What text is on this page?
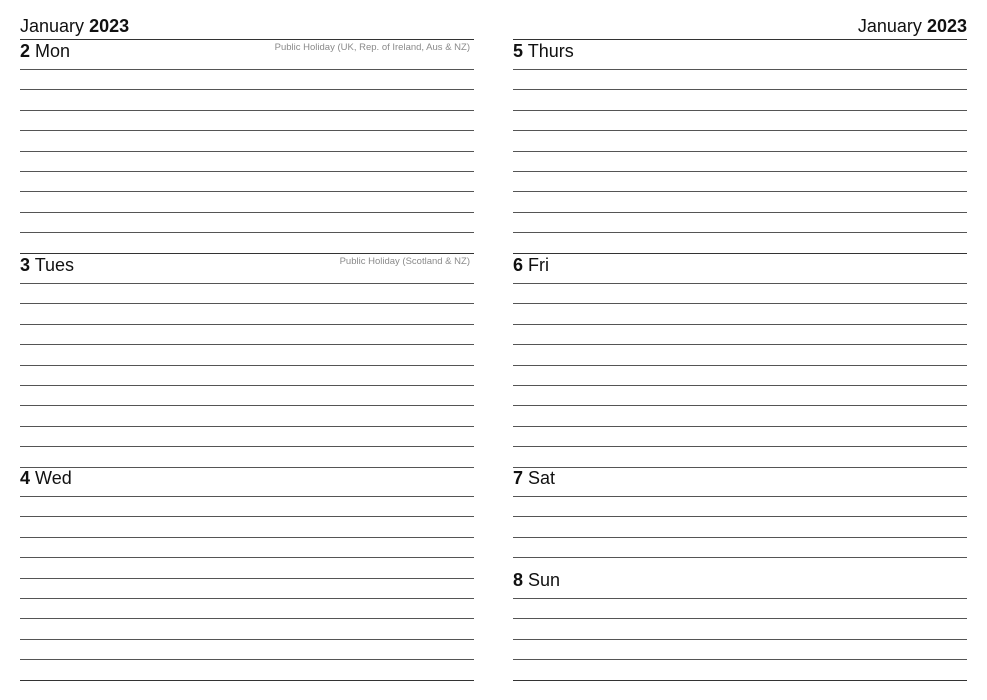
January 2023
2 Mon	Public Holiday (UK, Rep. of Ireland, Aus & NZ)
3 Tues	Public Holiday (Scotland & NZ)
4 Wed
January 2023
5 Thurs
6 Fri
7 Sat
8 Sun
